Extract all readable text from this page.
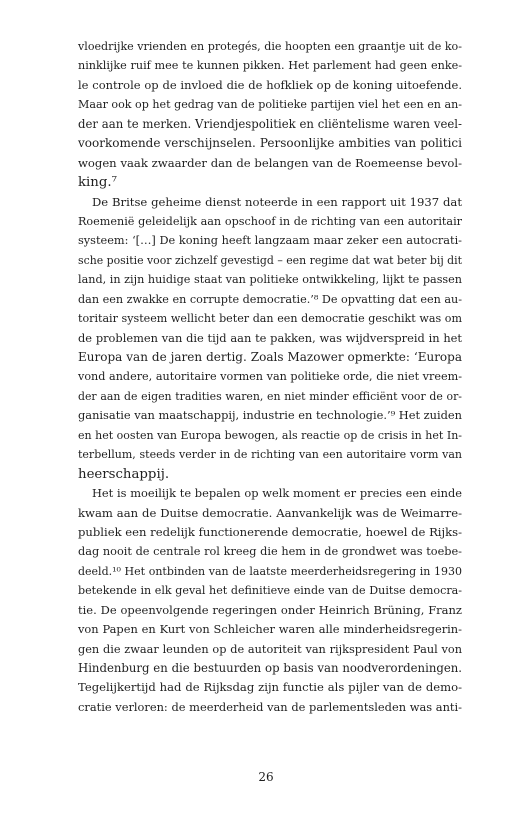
vloedrijke vrienden en protegés, die hoopten een graantje uit de ko-
ninklijke ruif mee te kunnen pikken. Het parlement had geen enke-
le controle op de invloed die de hofkliek op de koning uitoefende.
Maar ook op het gedrag van de politieke partijen viel het een en an-
der aan te merken. Vriendjespolitiek en cliëntelisme waren veel-
voorkomende verschijnselen. Persoonlijke ambities van politici
wogen vaak zwaarder dan de belangen van de Roemeense bevol-
king.⁷
De Britse geheime dienst noteerde in een rapport uit 1937 dat
Roemenië geleidelijk aan opschoof in de richting van een autoritair
systeem: ‘[…] De koning heeft langzaam maar zeker een autocrati-
sche positie voor zichzelf gevestigd – een regime dat wat beter bij dit
land, in zijn huidige staat van politieke ontwikkeling, lijkt te passen
dan een zwakke en corrupte democratie.’⁸ De opvatting dat een au-
toritair systeem wellicht beter dan een democratie geschikt was om
de problemen van die tijd aan te pakken, was wijdverspreid in het
Europa van de jaren dertig. Zoals Mazower opmerkte: ‘Europa
vond andere, autoritaire vormen van politieke orde, die niet vreem-
der aan de eigen tradities waren, en niet minder efficiënt voor de or-
ganisatie van maatschappij, industrie en technologie.’⁹ Het zuiden
en het oosten van Europa bewogen, als reactie op de crisis in het In-
terbellum, steeds verder in de richting van een autoritaire vorm van
heerschappij.
Het is moeilijk te bepalen op welk moment er precies een einde
kwam aan de Duitse democratie. Aanvankelijk was de Weimarre-
publiek een redelijk functionerende democratie, hoewel de Rijks-
dag nooit de centrale rol kreeg die hem in de grondwet was toebe-
deeld.¹⁰ Het ontbinden van de laatste meerderheidsregering in 1930
betekende in elk geval het definitieve einde van de Duitse democra-
tie. De opeenvolgende regeringen onder Heinrich Brüning, Franz
von Papen en Kurt von Schleicher waren alle minderheidsregerin-
gen die zwaar leunden op de autoriteit van rijkspresident Paul von
Hindenburg en die bestuurden op basis van noodverordeningen.
Tegelijkertijd had de Rijksdag zijn functie als pijler van de demo-
cratie verloren: de meerderheid van de parlementsleden was anti-
26
